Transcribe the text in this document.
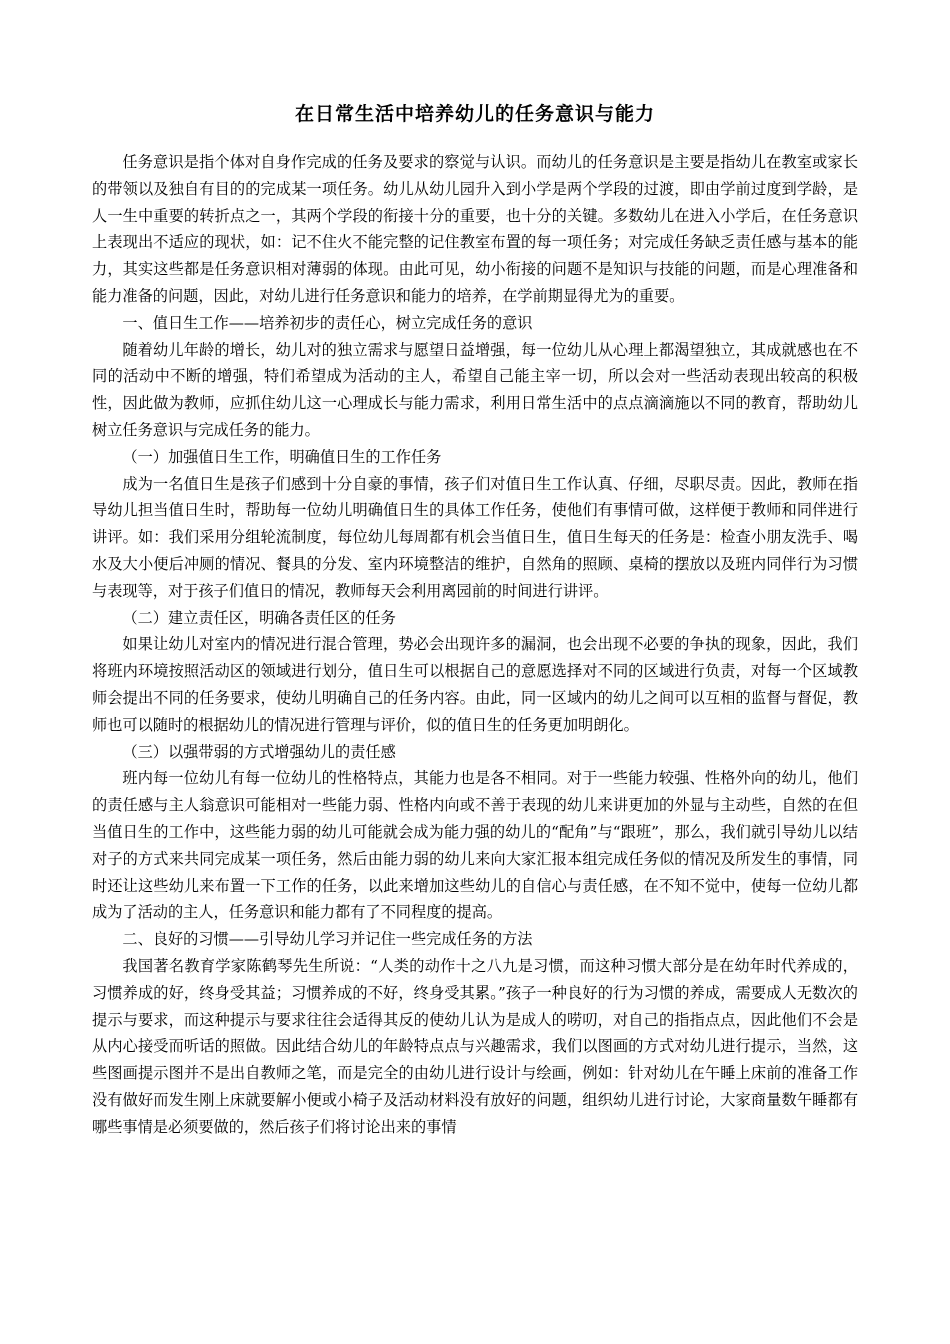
在日常生活中培养幼儿的任务意识与能力

任务意识是指个体对自身作完成的任务及要求的察觉与认识。而幼儿的任务意识是主要是指幼儿在教室或家长的带领以及独自有目的的完成某一项任务。幼儿从幼儿园升入到小学是两个学段的过渡，即由学前过度到学龄，是人一生中重要的转折点之一，其两个学段的衔接十分的重要，也十分的关键。多数幼儿在进入小学后，在任务意识上表现出不适应的现状，如：记不住火不能完整的记住教室布置的每一项任务；对完成任务缺乏责任感与基本的能力，其实这些都是任务意识相对薄弱的体现。由此可见，幼小衔接的问题不是知识与技能的问题，而是心理准备和能力准备的问题，因此，对幼儿进行任务意识和能力的培养，在学前期显得尤为的重要。

一、值日生工作——培养初步的责任心，树立完成任务的意识

随着幼儿年龄的增长，幼儿对的独立需求与愿望日益增强，每一位幼儿从心理上都渴望独立，其成就感也在不同的活动中不断的增强，特们希望成为活动的主人，希望自己能主宰一切，所以会对一些活动表现出较高的积极性，因此做为教师，应抓住幼儿这一心理成长与能力需求，利用日常生活中的点点滴滴施以不同的教育，帮助幼儿树立任务意识与完成任务的能力。

（一）加强值日生工作，明确值日生的工作任务

成为一名值日生是孩子们感到十分自豪的事情，孩子们对值日生工作认真、仔细，尽职尽责。因此，教师在指导幼儿担当值日生时，帮助每一位幼儿明确值日生的具体工作任务，使他们有事情可做，这样便于教师和同伴进行讲评。如：我们采用分组轮流制度，每位幼儿每周都有机会当值日生，值日生每天的任务是：检查小朋友洗手、喝水及大小便后冲厕的情况、餐具的分发、室内环境整洁的维护，自然角的照顾、桌椅的摆放以及班内同伴行为习惯与表现等，对于孩子们值日的情况，教师每天会利用离园前的时间进行讲评。

（二）建立责任区，明确各责任区的任务

如果让幼儿对室内的情况进行混合管理，势必会出现许多的漏洞，也会出现不必要的争执的现象，因此，我们将班内环境按照活动区的领域进行划分，值日生可以根据自己的意愿选择对不同的区域进行负责，对每一个区域教师会提出不同的任务要求，使幼儿明确自己的任务内容。由此，同一区域内的幼儿之间可以互相的监督与督促，教师也可以随时的根据幼儿的情况进行管理与评价，似的值日生的任务更加明朗化。

（三）以强带弱的方式增强幼儿的责任感

班内每一位幼儿有每一位幼儿的性格特点，其能力也是各不相同。对于一些能力较强、性格外向的幼儿，他们的责任感与主人翁意识可能相对一些能力弱、性格内向或不善于表现的幼儿来讲更加的外显与主动些，自然的在但当值日生的工作中，这些能力弱的幼儿可能就会成为能力强的幼儿的“配角”与“跟班”，那么，我们就引导幼儿以结对子的方式来共同完成某一项任务，然后由能力弱的幼儿来向大家汇报本组完成任务似的情况及所发生的事情，同时还让这些幼儿来布置一下工作的任务，以此来增加这些幼儿的自信心与责任感，在不知不觉中，使每一位幼儿都成为了活动的主人，任务意识和能力都有了不同程度的提高。

二、良好的习惯——引导幼儿学习并记住一些完成任务的方法

我国著名教育学家陈鹤琴先生所说：“人类的动作十之八九是习惯，而这种习惯大部分是在幼年时代养成的，习惯养成的好，终身受其益；习惯养成的不好，终身受其累。”孩子一种良好的行为习惯的养成，需要成人无数次的提示与要求，而这种提示与要求往往会适得其反的使幼儿认为是成人的唠叨，对自己的指指点点，因此他们不会是从内心接受而听话的照做。因此结合幼儿的年龄特点点与兴趣需求，我们以图画的方式对幼儿进行提示，当然，这些图画提示图并不是出自教师之笔，而是完全的由幼儿进行设计与绘画，例如：针对幼儿在午睡上床前的准备工作没有做好而发生刚上床就要解小便或小椅子及活动材料没有放好的问题，组织幼儿进行讨论，大家商量数午睡都有哪些事情是必须要做的，然后孩子们将讨论出来的事情
